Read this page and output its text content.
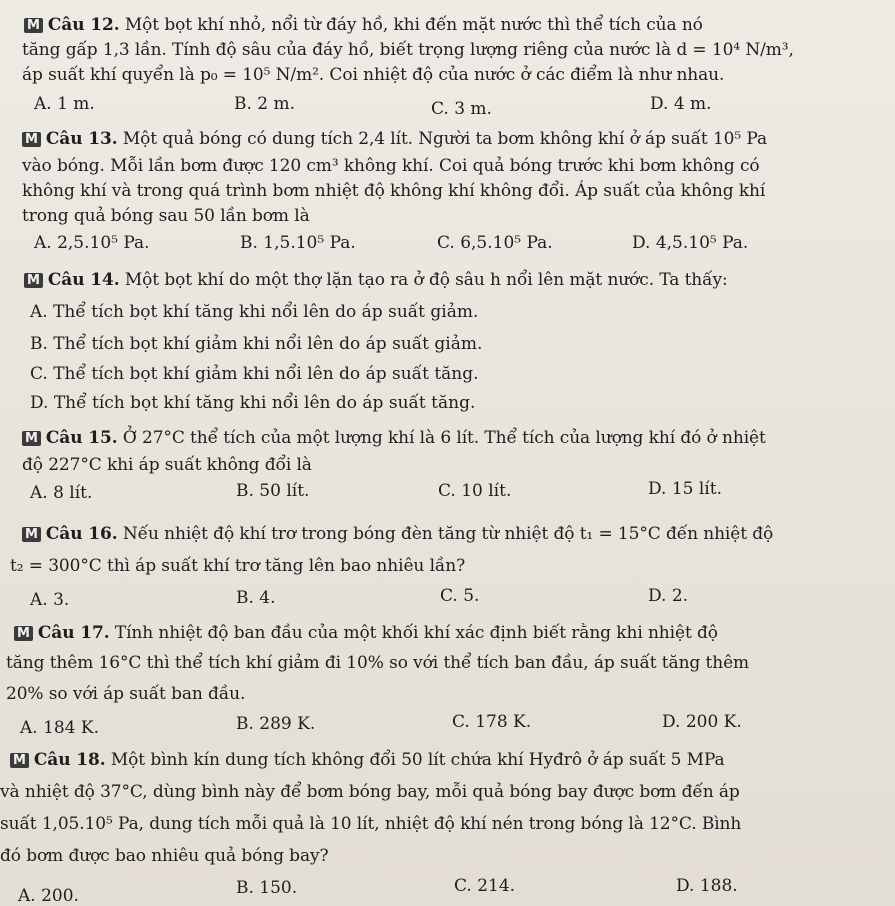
M Câu 12. Một bọt khí nhỏ, nổi từ đáy hồ, khi đến mặt nước thì thể tích của nó
tăng gấp 1,3 lần. Tính độ sâu của đáy hồ, biết trọng lượng riêng của nước là d = 10⁴ N/m³,
áp suất khí quyển là p₀ = 10⁵ N/m². Coi nhiệt độ của nước ở các điểm là như nhau.
A. 1 m.	B. 2 m.	C. 3 m.	D. 4 m.
M Câu 13. Một quả bóng có dung tích 2,4 lít. Người ta bơm không khí ở áp suất 10⁵ Pa
vào bóng. Mỗi lần bơm được 120 cm³ không khí. Coi quả bóng trước khi bơm không có
không khí và trong quá trình bơm nhiệt độ không khí không đổi. Áp suất của không khí
trong quả bóng sau 50 lần bơm là
A. 2,5.10⁵ Pa.	B. 1,5.10⁵ Pa.	C. 6,5.10⁵ Pa.	D. 4,5.10⁵ Pa.
M Câu 14. Một bọt khí do một thợ lặn tạo ra ở độ sâu h nổi lên mặt nước. Ta thấy:
A. Thể tích bọt khí tăng khi nổi lên do áp suất giảm.
B. Thể tích bọt khí giảm khi nổi lên do áp suất giảm.
C. Thể tích bọt khí giảm khi nổi lên do áp suất tăng.
D. Thể tích bọt khí tăng khi nổi lên do áp suất tăng.
M Câu 15. Ở 27°C thể tích của một lượng khí là 6 lít. Thể tích của lượng khí đó ở nhiệt
độ 227°C khi áp suất không đổi là
A. 8 lít.	B. 50 lít.	C. 10 lít.	D. 15 lít.
M Câu 16. Nếu nhiệt độ khí trơ trong bóng đèn tăng từ nhiệt độ t₁ = 15°C đến nhiệt độ
t₂ = 300°C thì áp suất khí trơ tăng lên bao nhiêu lần?
A. 3.	B. 4.	C. 5.	D. 2.
M Câu 17. Tính nhiệt độ ban đầu của một khối khí xác định biết rằng khi nhiệt độ
tăng thêm 16°C thì thể tích khí giảm đi 10% so với thể tích ban đầu, áp suất tăng thêm
20% so với áp suất ban đầu.
A. 184 K.	B. 289 K.	C. 178 K.	D. 200 K.
M Câu 18. Một bình kín dung tích không đổi 50 lít chứa khí Hyđrô ở áp suất 5 MPa
và nhiệt độ 37°C, dùng bình này để bơm bóng bay, mỗi quả bóng bay được bơm đến áp
suất 1,05.10⁵ Pa, dung tích mỗi quả là 10 lít, nhiệt độ khí nén trong bóng là 12°C. Bình
đó bơm được bao nhiêu quả bóng bay?
A. 200.	B. 150.	C. 214.	D. 188.
